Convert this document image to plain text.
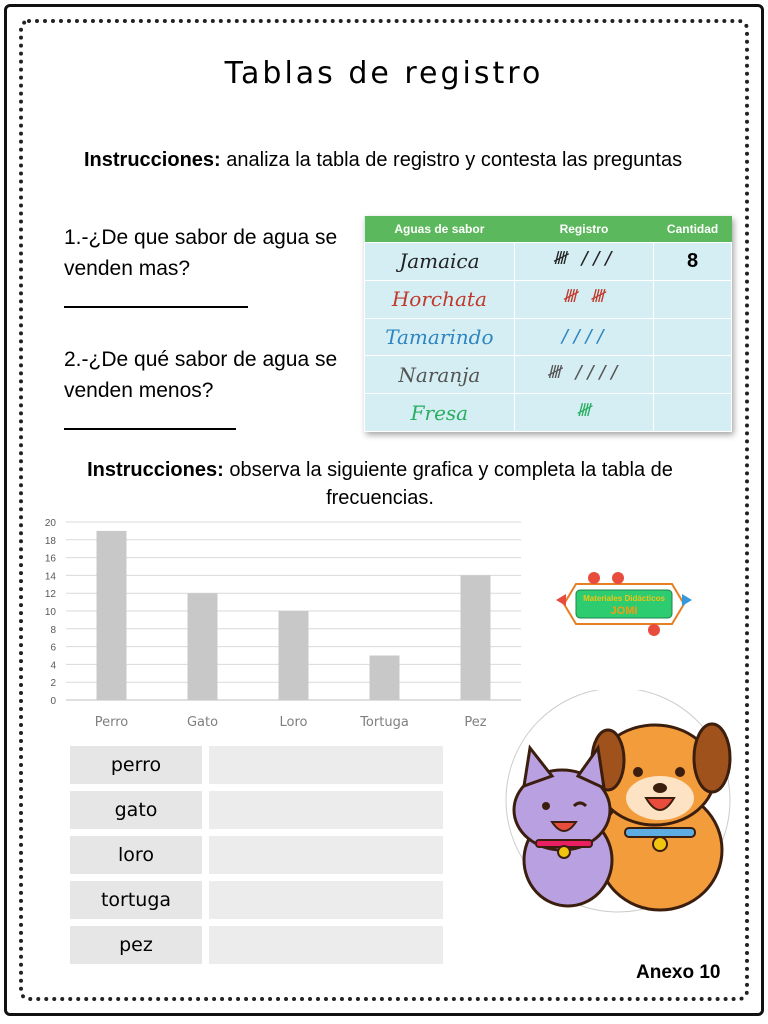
Tablas de registro
Instrucciones: analiza la tabla de registro y contesta las preguntas
1.-¿De que sabor de agua se venden mas?
2.-¿De qué sabor de agua se venden menos?
Aguas de sabor	Registro	Cantidad
Jamaica	𝍸 ///	8
Horchata	𝍸 𝍸	
Tamarindo	////	
Naranja	𝍸 ////	
Fresa	𝍸	
Instrucciones: observa la siguiente grafica y completa la tabla de frecuencias.
0
2
4
6
8
10
12
14
16
18
20
Perro	Gato	Loro	Tortuga	Pez
perro
gato
loro
tortuga
pez
Materiales Didácticos
JOMI
Anexo 10
